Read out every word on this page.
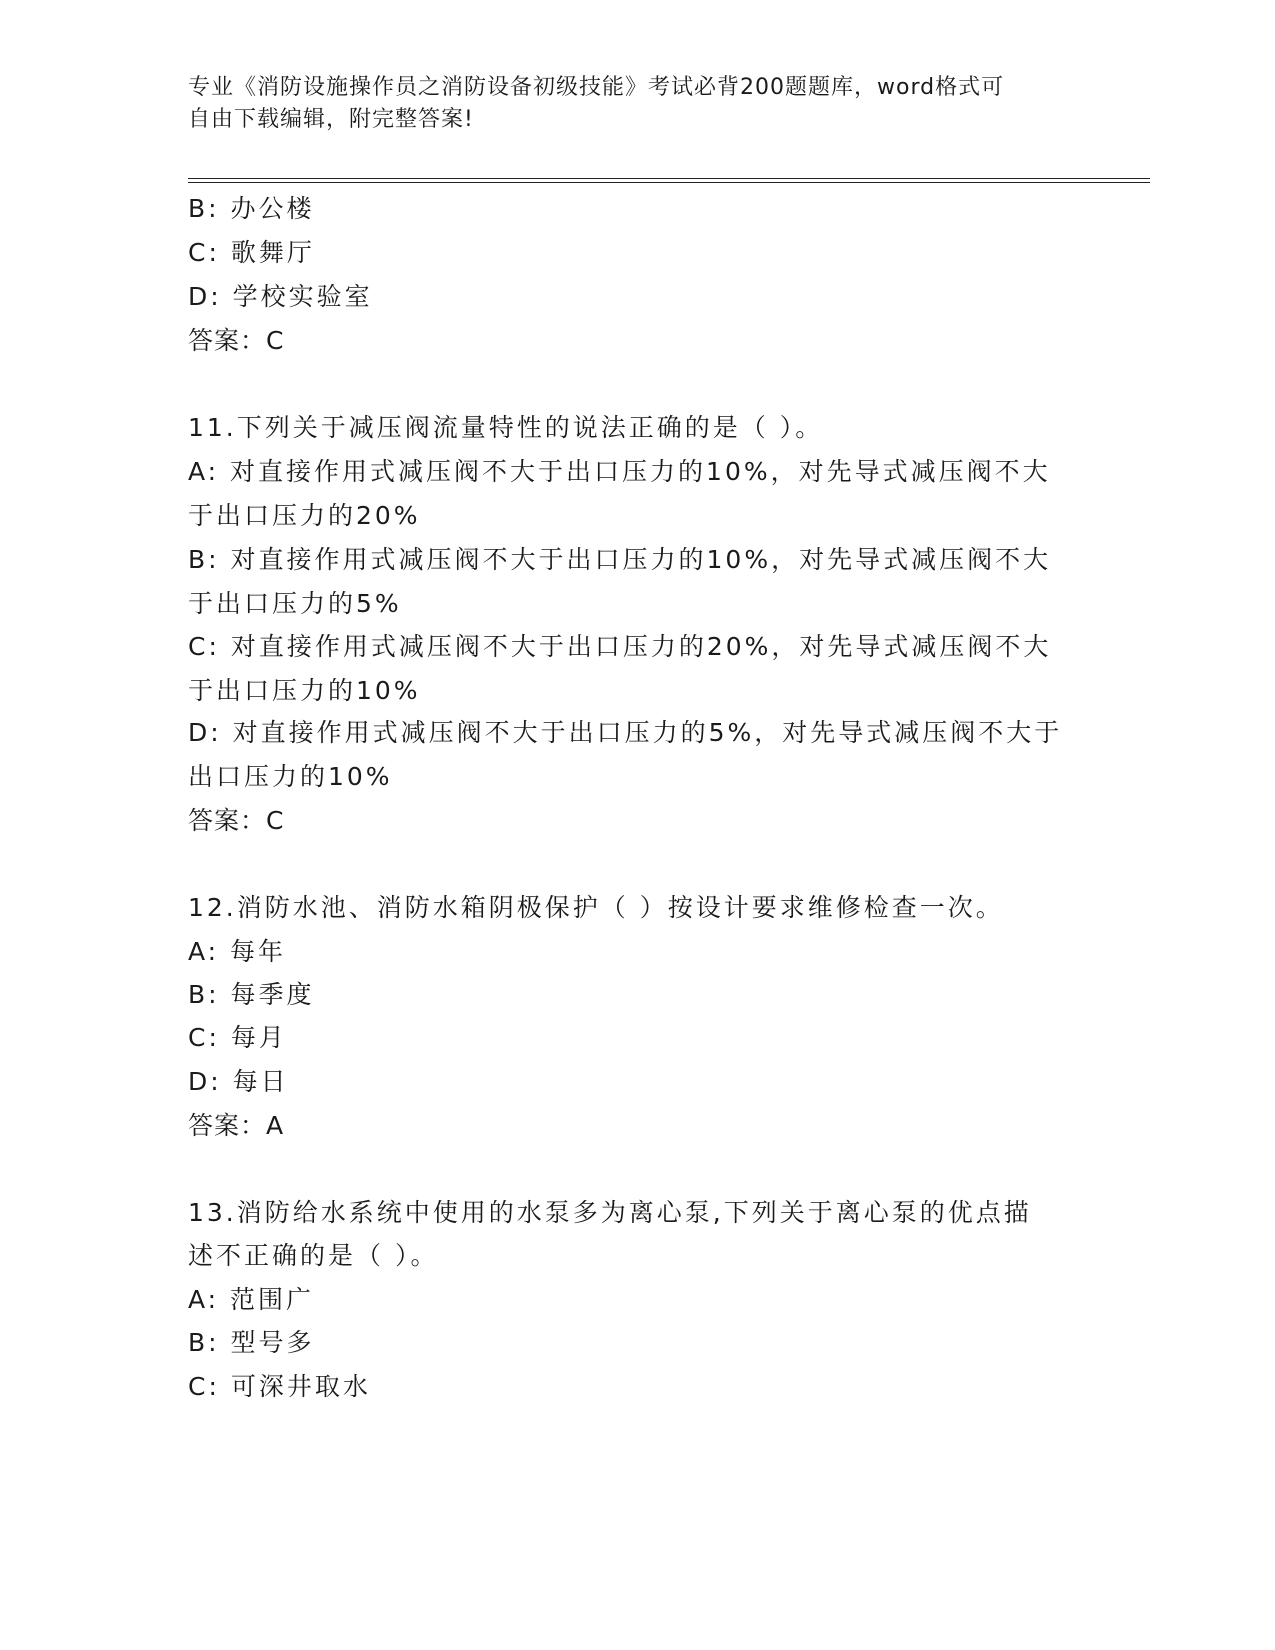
专业《消防设施操作员之消防设备初级技能》考试必背200题题库，word格式可
自由下载编辑，附完整答案!
B: 办公楼
C: 歌舞厅
D: 学校实验室
答案：C
11.下列关于减压阀流量特性的说法正确的是（ ）。
A: 对直接作用式减压阀不大于出口压力的10%，对先导式减压阀不大
于出口压力的20%
B: 对直接作用式减压阀不大于出口压力的10%，对先导式减压阀不大
于出口压力的5%
C: 对直接作用式减压阀不大于出口压力的20%，对先导式减压阀不大
于出口压力的10%
D: 对直接作用式减压阀不大于出口压力的5%，对先导式减压阀不大于
出口压力的10%
答案：C
12.消防水池、消防水箱阴极保护（ ）按设计要求维修检查一次。
A: 每年
B: 每季度
C: 每月
D: 每日
答案：A
13.消防给水系统中使用的水泵多为离心泵,下列关于离心泵的优点描
述不正确的是（ ）。
A: 范围广
B: 型号多
C: 可深井取水
